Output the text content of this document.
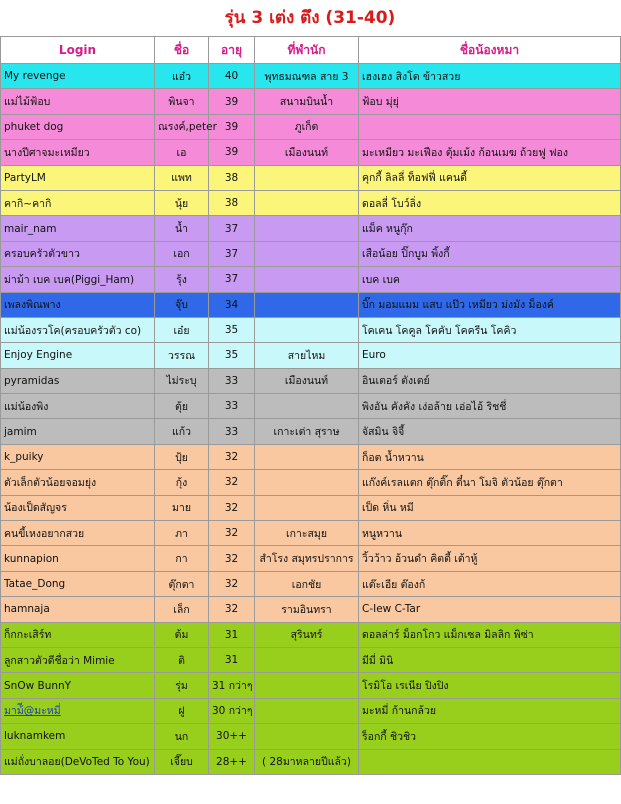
รุ่น 3 เต่ง ตึง (31-40)
Login	ชื่อ	อายุ	ที่พำนัก	ชื่อน้องหมา
My revenge	แอ๋ว	40	พุทธมณฑล สาย 3	เฮงเฮง สิงโต ข้าวสวย
แม่ไม้ฟ้อบ	พินจา	39	สนามบินน้ำ	ฟ้อบ มุ่ยุ่
phuket dog	ณรงค์,peter	39	ภูเก็ต	
นางปีศาจมะเหมียว	เอ	39	เมืองนนท์	มะเหมียว มะเฟือง ตุ้มเม้ง ก้อนเมฆ ถ้วยฟู ฟอง
PartyLM	แพท	38		คุกกี้ ลิลลี่ ท็อฟฟี่ แคนดี้
คากิ~คากิ	นุ้ย	38		ดอลลี่ โบว์ลิ่ง
mair_nam	น้ำ	37		แม็ค หนูกุ๊ก
ครอบครัวตัวขาว	เอก	37		เสือน้อย ปิ๊กบูม พิ้งกี้
ม่าม้า เบค เบค(Piggi_Ham)	รุ้ง	37		เบค เบค
เพลงพิณพาง	จุ๊บ	34		บิ๊ก มอมแมม แสบ แป๊ว เหมียว ม่งมัง ม็องค์
แม่น้องรวโค(ครอบครัวตัว co)	เอ๋ย	35		โคเคน โคคูล โคคับ โคครีน โคคิว
Enjoy Engine	วรรณ	35	สายไหม	Euro
pyramidas	ไม่ระบุ	33	เมืองนนท์	อินเตอร์ ตังเตย์
แม่น้องพิง	ตุ้ย	33		พิงอัน คังคัง เง่อล้าย เอ่อไอ้ ริชชี่
jamim	แก้ว	33	เกาะเต่า สุราษ	จัสมิน จิจี้
k_puiky	ปุ้ย	32		ก็อต น้ำหวาน
ตัวเล็กตัวน้อยจอมยุ่ง	กุ้ง	32		แก๊งค์เรลแตก ตุ๊กติ๊ก ตี๋นา โมจิ ตัวน้อย ตุ๊กตา
น้องเป็ดสัญจร	มาย	32		เป็ด หิ่น หมี
คนขี้เหงอยากสวย	ภา	32	เกาะสมุย	หนูหวาน
kunnapion	กา	32	สำโรง สมุทรปราการ	วิ้วว้าว อ้วนดำ คิตตี้ เต้าหู้
Tatae_Dong	ตุ๊กตา	32	เอกชัย	แต๊ะเอีย ต๊องก้
hamnaja	เล็ก	32	รามอินทรา	C-Iew C-Tar
ก็กกะเสิร์ท	ต้ม	31	สุรินทร์	ดอลล่าร์ ม็อกโกว แม็กเซล มิลลิก พิซ่า
ลูกสาวตัวดีชื่อว่า Mimie	ติ	31		มีมี่ มินิ
SnOw BunnY	รุ่ม	31 กว่าๆ		โรมิโอ เรเนีย ปิงปิง
มาม้ี@มะหมี่	ฝู	30 กว่าๆ		มะหมี่ ก้านกล้วย
luknamkem	นก	30++		ร็อกกี้ ชิวชิว
แม่ถั่งบาลอย(DeVoTed To You)	เจี๊ยบ	28++	( 28มาหลายปีแล้ว)	
